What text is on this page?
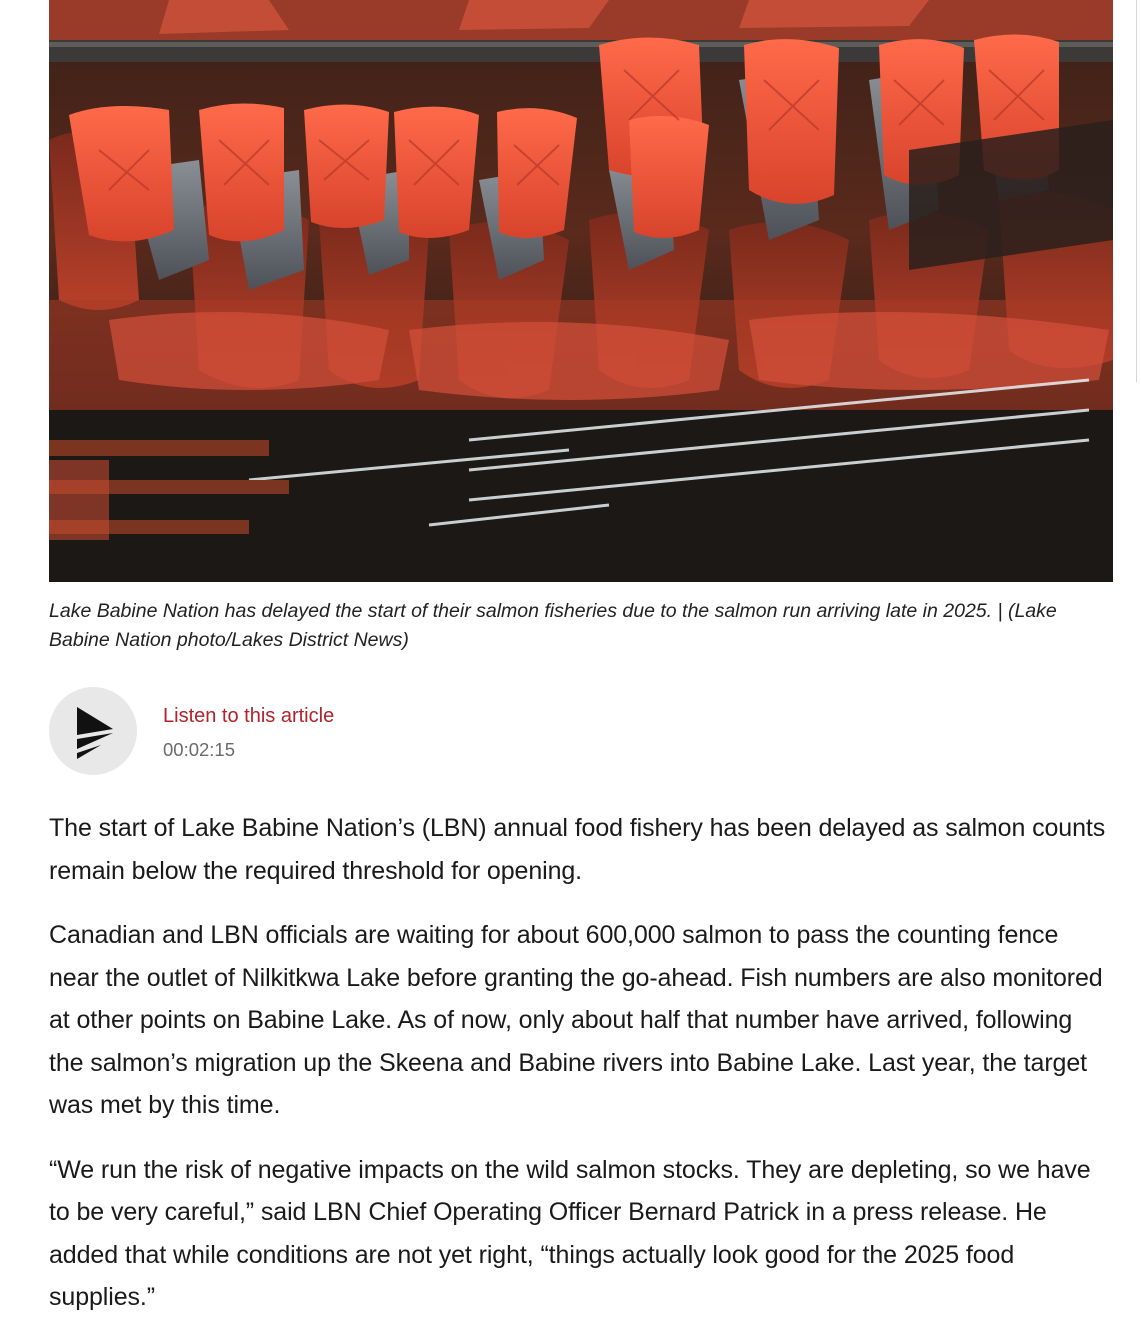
Lake Babine Nation has delayed the start of their salmon fisheries due to the salmon run arriving late in 2025. | (Lake Babine Nation photo/Lakes District News)
Listen to this article
00:02:15

The start of Lake Babine Nation’s (LBN) annual food fishery has been delayed as salmon counts remain below the required threshold for opening.

Canadian and LBN officials are waiting for about 600,000 salmon to pass the counting fence near the outlet of Nilkitkwa Lake before granting the go-ahead. Fish numbers are also monitored at other points on Babine Lake. As of now, only about half that number have arrived, following the salmon’s migration up the Skeena and Babine rivers into Babine Lake. Last year, the target was met by this time.

“We run the risk of negative impacts on the wild salmon stocks. They are depleting, so we have to be very careful,” said LBN Chief Operating Officer Bernard Patrick in a press release. He added that while conditions are not yet right, “things actually look good for the 2025 food supplies.”
